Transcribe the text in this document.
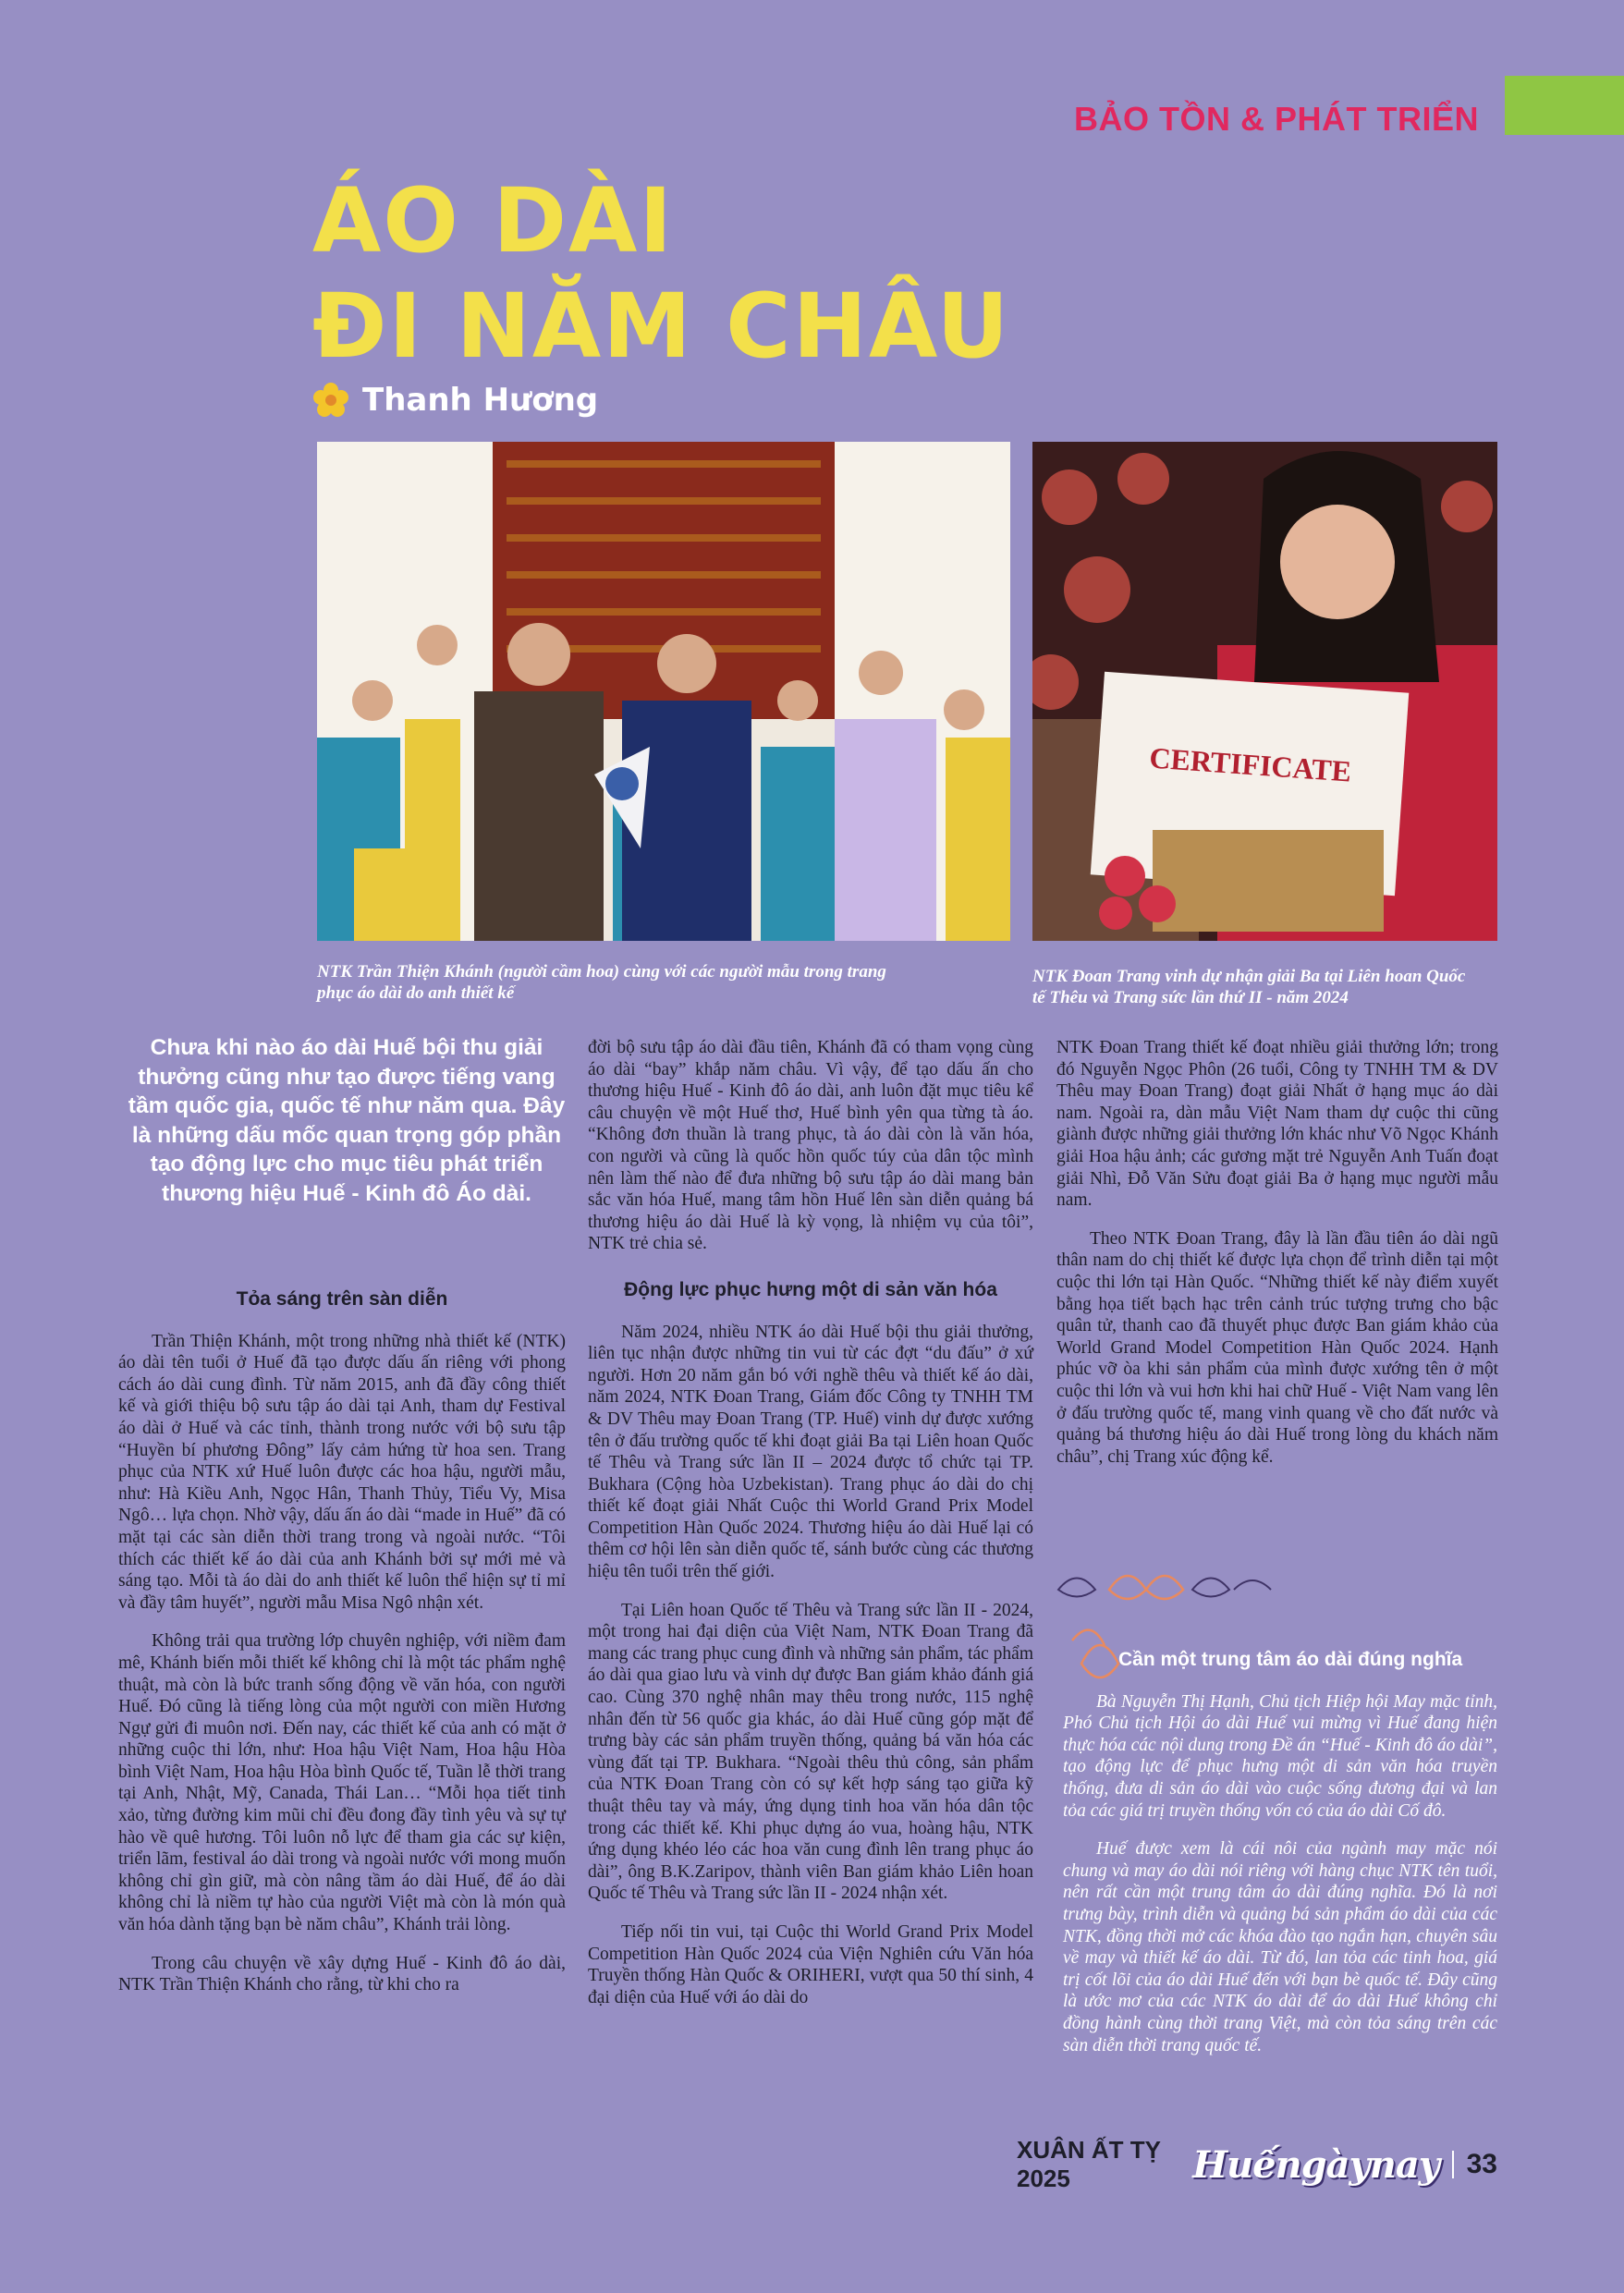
BẢO TỒN & PHÁT TRIỂN
ÁO DÀI
ĐI NĂM CHÂU
Thanh Hương
CERTIFICATE
NTK Trần Thiện Khánh (người cầm hoa) cùng với các người mẫu trong trang phục áo dài do anh thiết kế
NTK Đoan Trang vinh dự nhận giải Ba tại Liên hoan Quốc tế Thêu và Trang sức lần thứ II - năm 2024
Chưa khi nào áo dài Huế bội thu giải thưởng cũng như tạo được tiếng vang tầm quốc gia, quốc tế như năm qua. Đây là những dấu mốc quan trọng góp phần tạo động lực cho mục tiêu phát triển thương hiệu Huế - Kinh đô Áo dài.
Tỏa sáng trên sàn diễn

Trần Thiện Khánh, một trong những nhà thiết kế (NTK) áo dài tên tuổi ở Huế đã tạo được dấu ấn riêng với phong cách áo dài cung đình. Từ năm 2015, anh đã đầy công thiết kế và giới thiệu bộ sưu tập áo dài tại Anh, tham dự Festival áo dài ở Huế và các tỉnh, thành trong nước với bộ sưu tập “Huyền bí phương Đông” lấy cảm hứng từ hoa sen. Trang phục của NTK xứ Huế luôn được các hoa hậu, người mẫu, như: Hà Kiều Anh, Ngọc Hân, Thanh Thủy, Tiểu Vy, Misa Ngô… lựa chọn. Nhờ vậy, dấu ấn áo dài “made in Huế” đã có mặt tại các sàn diễn thời trang trong và ngoài nước. “Tôi thích các thiết kế áo dài của anh Khánh bởi sự mới mẻ và sáng tạo. Mỗi tà áo dài do anh thiết kế luôn thể hiện sự tỉ mỉ và đầy tâm huyết”, người mẫu Misa Ngô nhận xét.

Không trải qua trường lớp chuyên nghiệp, với niềm đam mê, Khánh biến mỗi thiết kế không chỉ là một tác phẩm nghệ thuật, mà còn là bức tranh sống động về văn hóa, con người Huế. Đó cũng là tiếng lòng của một người con miền Hương Ngự gửi đi muôn nơi. Đến nay, các thiết kế của anh có mặt ở những cuộc thi lớn, như: Hoa hậu Việt Nam, Hoa hậu Hòa bình Việt Nam, Hoa hậu Hòa bình Quốc tế, Tuần lễ thời trang tại Anh, Nhật, Mỹ, Canada, Thái Lan… “Mỗi họa tiết tinh xảo, từng đường kim mũi chỉ đều đong đầy tình yêu và sự tự hào về quê hương. Tôi luôn nỗ lực để tham gia các sự kiện, triển lãm, festival áo dài trong và ngoài nước với mong muốn không chỉ gìn giữ, mà còn nâng tầm áo dài Huế, để áo dài không chỉ là niềm tự hào của người Việt mà còn là món quà văn hóa dành tặng bạn bè năm châu”, Khánh trải lòng.

Trong câu chuyện về xây dựng Huế - Kinh đô áo dài, NTK Trần Thiện Khánh cho rằng, từ khi cho ra

đời bộ sưu tập áo dài đầu tiên, Khánh đã có tham vọng cùng áo dài “bay” khắp năm châu. Vì vậy, để tạo dấu ấn cho thương hiệu Huế - Kinh đô áo dài, anh luôn đặt mục tiêu kể câu chuyện về một Huế thơ, Huế bình yên qua từng tà áo. “Không đơn thuần là trang phục, tà áo dài còn là văn hóa, con người và cũng là quốc hồn quốc túy của dân tộc mình nên làm thế nào để đưa những bộ sưu tập áo dài mang bản sắc văn hóa Huế, mang tâm hồn Huế lên sàn diễn quảng bá thương hiệu áo dài Huế là kỳ vọng, là nhiệm vụ của tôi”, NTK trẻ chia sẻ.

Động lực phục hưng một di sản văn hóa

Năm 2024, nhiều NTK áo dài Huế bội thu giải thưởng, liên tục nhận được những tin vui từ các đợt “du đấu” ở xứ người. Hơn 20 năm gắn bó với nghề thêu và thiết kế áo dài, năm 2024, NTK Đoan Trang, Giám đốc Công ty TNHH TM & DV Thêu may Đoan Trang (TP. Huế) vinh dự được xướng tên ở đấu trường quốc tế khi đoạt giải Ba tại Liên hoan Quốc tế Thêu và Trang sức lần II – 2024 được tổ chức tại TP. Bukhara (Cộng hòa Uzbekistan). Trang phục áo dài do chị thiết kế đoạt giải Nhất Cuộc thi World Grand Prix Model Competition Hàn Quốc 2024. Thương hiệu áo dài Huế lại có thêm cơ hội lên sàn diễn quốc tế, sánh bước cùng các thương hiệu tên tuổi trên thế giới.

Tại Liên hoan Quốc tế Thêu và Trang sức lần II - 2024, một trong hai đại diện của Việt Nam, NTK Đoan Trang đã mang các trang phục cung đình và những sản phẩm, tác phẩm áo dài qua giao lưu và vinh dự được Ban giám khảo đánh giá cao. Cùng 370 nghệ nhân may thêu trong nước, 115 nghệ nhân đến từ 56 quốc gia khác, áo dài Huế cũng góp mặt để trưng bày các sản phẩm truyền thống, quảng bá văn hóa các vùng đất tại TP. Bukhara. “Ngoài thêu thủ công, sản phẩm của NTK Đoan Trang còn có sự kết hợp sáng tạo giữa kỹ thuật thêu tay và máy, ứng dụng tinh hoa văn hóa dân tộc trong các thiết kế. Khi phục dựng áo vua, hoàng hậu, NTK ứng dụng khéo léo các hoa văn cung đình lên trang phục áo dài”, ông B.K.Zaripov, thành viên Ban giám khảo Liên hoan Quốc tế Thêu và Trang sức lần II - 2024 nhận xét.

Tiếp nối tin vui, tại Cuộc thi World Grand Prix Model Competition Hàn Quốc 2024 của Viện Nghiên cứu Văn hóa Truyền thống Hàn Quốc & ORIHERI, vượt qua 50 thí sinh, 4 đại diện của Huế với áo dài do

NTK Đoan Trang thiết kế đoạt nhiều giải thưởng lớn; trong đó Nguyễn Ngọc Phôn (26 tuổi, Công ty TNHH TM & DV Thêu may Đoan Trang) đoạt giải Nhất ở hạng mục áo dài nam. Ngoài ra, dàn mẫu Việt Nam tham dự cuộc thi cũng giành được những giải thưởng lớn khác như Võ Ngọc Khánh giải Hoa hậu ảnh; các gương mặt trẻ Nguyễn Anh Tuấn đoạt giải Nhì, Đỗ Văn Sửu đoạt giải Ba ở hạng mục người mẫu nam.

Theo NTK Đoan Trang, đây là lần đầu tiên áo dài ngũ thân nam do chị thiết kế được lựa chọn để trình diễn tại một cuộc thi lớn tại Hàn Quốc. “Những thiết kế này điểm xuyết bằng họa tiết bạch hạc trên cảnh trúc tượng trưng cho bậc quân tử, thanh cao đã thuyết phục được Ban giám khảo của World Grand Model Competition Hàn Quốc 2024. Hạnh phúc vỡ òa khi sản phẩm của mình được xướng tên ở một cuộc thi lớn và vui hơn khi hai chữ Huế - Việt Nam vang lên ở đấu trường quốc tế, mang vinh quang về cho đất nước và quảng bá thương hiệu áo dài Huế trong lòng du khách năm châu”, chị Trang xúc động kể.

Cần một trung tâm áo dài đúng nghĩa

Bà Nguyễn Thị Hạnh, Chủ tịch Hiệp hội May mặc tỉnh, Phó Chủ tịch Hội áo dài Huế vui mừng vì Huế đang hiện thực hóa các nội dung trong Đề án “Huế - Kinh đô áo dài”, tạo động lực để phục hưng một di sản văn hóa truyền thống, đưa di sản áo dài vào cuộc sống đương đại và lan tỏa các giá trị truyền thống vốn có của áo dài Cố đô.

Huế được xem là cái nôi của ngành may mặc nói chung và may áo dài nói riêng với hàng chục NTK tên tuổi, nên rất cần một trung tâm áo dài đúng nghĩa. Đó là nơi trưng bày, trình diễn và quảng bá sản phẩm áo dài của các NTK, đồng thời mở các khóa đào tạo ngắn hạn, chuyên sâu về may và thiết kế áo dài. Từ đó, lan tỏa các tinh hoa, giá trị cốt lõi của áo dài Huế đến với bạn bè quốc tế. Đây cũng là ước mơ của các NTK áo dài để áo dài Huế không chỉ đồng hành cùng thời trang Việt, mà còn tỏa sáng trên các sàn diễn thời trang quốc tế.

XUÂN ẤT TỴ 2025	Huếngàynay 33
